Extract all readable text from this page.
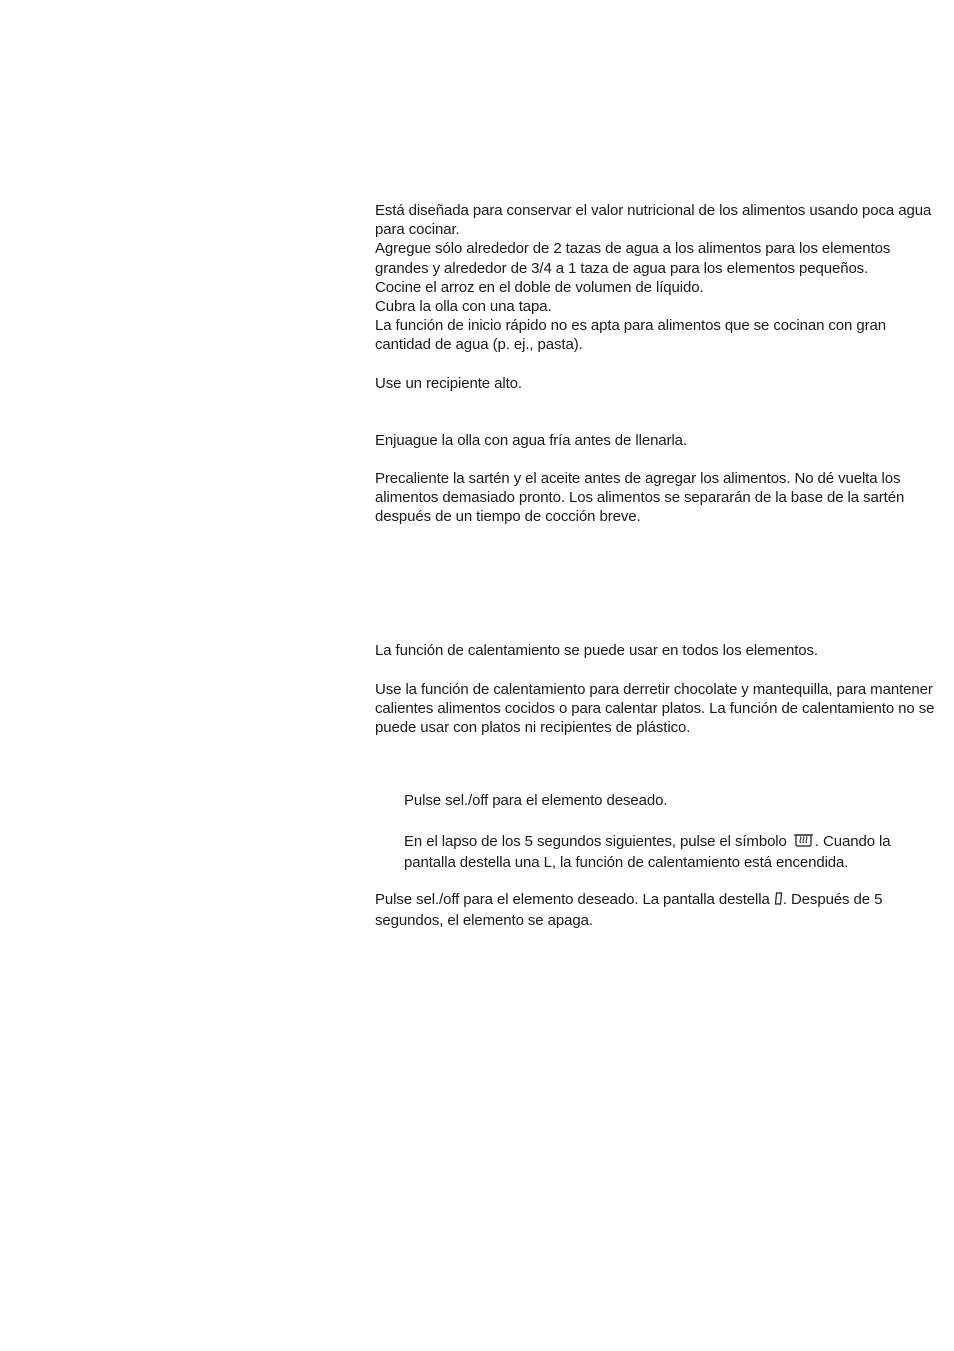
Está diseñada para conservar el valor nutricional de los alimentos usando poca agua para cocinar.

Agregue sólo alrededor de 2 tazas de agua a los alimentos para los elementos grandes y alrededor de 3/4 a 1 taza de agua para los elementos pequeños.

Cocine el arroz en el doble de volumen de líquido.

Cubra la olla con una tapa.

La función de inicio rápido no es apta para alimentos que se cocinan con gran cantidad de agua (p. ej., pasta).

Use un recipiente alto.

Enjuague la olla con agua fría antes de llenarla.

Precaliente la sartén y el aceite antes de agregar los alimentos. No dé vuelta los alimentos demasiado pronto. Los alimentos se separarán de la base de la sartén después de un tiempo de cocción breve.

La función de calentamiento se puede usar en todos los elementos.

Use la función de calentamiento para derretir chocolate y mantequilla, para mantener calientes alimentos cocidos o para calentar platos. La función de calentamiento no se puede usar con platos ni recipientes de plástico.

Pulse sel./off para el elemento deseado.

En el lapso de los 5 segundos siguientes, pulse el símbolo . Cuando la pantalla destella una L, la función de calentamiento está encendida.

Pulse sel./off para el elemento deseado. La pantalla destella . Después de 5 segundos, el elemento se apaga.
